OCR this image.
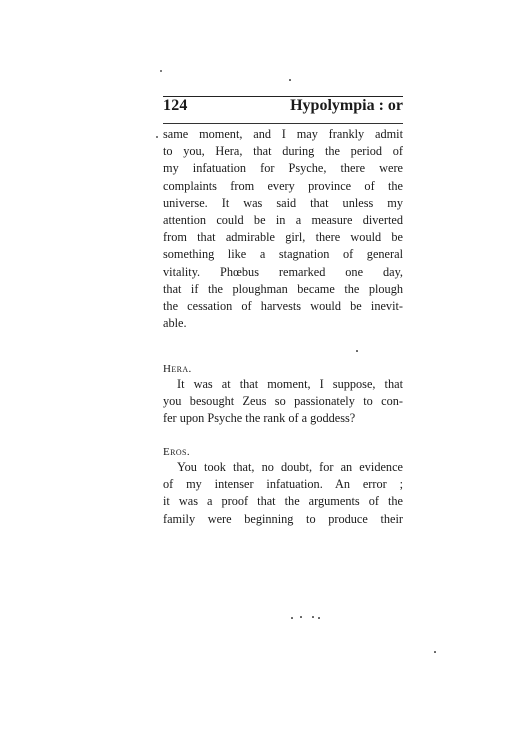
124	Hypolympia : or
same moment, and I may frankly admit
to you, Hera, that during the period of
my infatuation for Psyche, there were
complaints from every province of the
universe. It was said that unless my
attention could be in a measure diverted
from that admirable girl, there would be
something like a stagnation of general
vitality. Phœbus remarked one day,
that if the ploughman became the plough
the cessation of harvests would be inevit-
able.
Hera.
It was at that moment, I suppose, that
you besought Zeus so passionately to con-
fer upon Psyche the rank of a goddess?
Eros.
You took that, no doubt, for an evidence
of my intenser infatuation. An error ;
it was a proof that the arguments of the
family were beginning to produce their
